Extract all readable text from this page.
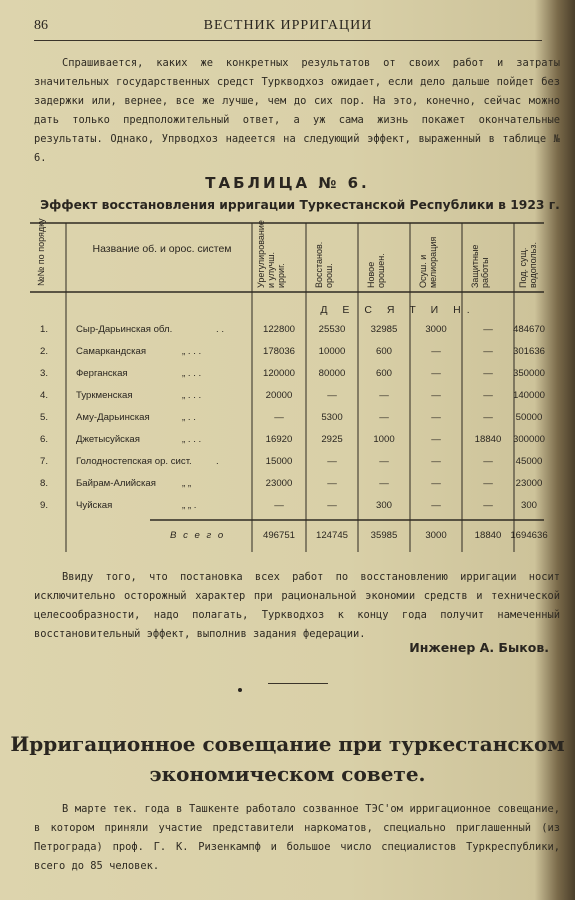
86	ВЕСТНИК ИРРИГАЦИИ

Спрашивается, каких же конкретных результатов от своих работ и затраты значительных государственных средст Туркводхоз ожидает, если дело дальше пойдет без задержки или, вернее, все же лучше, чем до сих пор. На это, конечно, сейчас можно дать только предположительный ответ, а уж сама жизнь покажет окончательные результаты. Однако, Упрводхоз надеется на следующий эффект, выраженный в таблице № 6.

ТАБЛИЦА № 6.
Эффект восстановления ирригации Туркестанской Республики в 1923 г.
№№ по порядку	Название об. и орос. систем	Урегулирование и улучш. ирриг.	Восстанов. орош.	Новое орошен.	Осуш. и мелиорация	Защитные работы	Под. сущ. водопольз.
Д Е С Я Т И Н.
В с е г о
1.	Сыр-Дарьинская обл.	. .	122800	25530	32985	3000	—	484670
2.	Самаркандская	„ . . .	178036	10000	600	—	—	301636
3.	Ферганская	„ . . .	120000	80000	600	—	—	350000
4.	Туркменская	„ . . .	20000	—	—	—	—	140000
5.	Аму-Дарьинская	„ . .	—	5300	—	—	—	50000
6.	Джетысуйская	„ . . .	16920	2925	1000	—	18840	300000
7.	Голодностепская ор. сист.	.	15000	—	—	—	—	45000
8.	Байрам-Алийская	„ „	23000	—	—	—	—	23000
9.	Чуйская	„ „ .	—	—	300	—	—	300
496751	124745	35985	3000	18840 1694636

Ввиду того, что постановка всех работ по восстановлению ирригации носит исключительно осторожный характер при рациональной экономии средств и технической целесообразности, надо полагать, Туркводхоз к концу года получит намеченный восстановительный эффект, выполнив задания федерации.

Инженер А. Быков.
Ирригационное совещание при туркестанском
экономическом совете.

В марте тек. года в Ташкенте работало созванное ТЭС'ом ирригационное совещание, в котором приняли участие представители наркоматов, специально приглашенный (из Петрограда) проф. Г. К. Ризенкампф и большое число специалистов Туркреспублики, всего до 85 человек.
